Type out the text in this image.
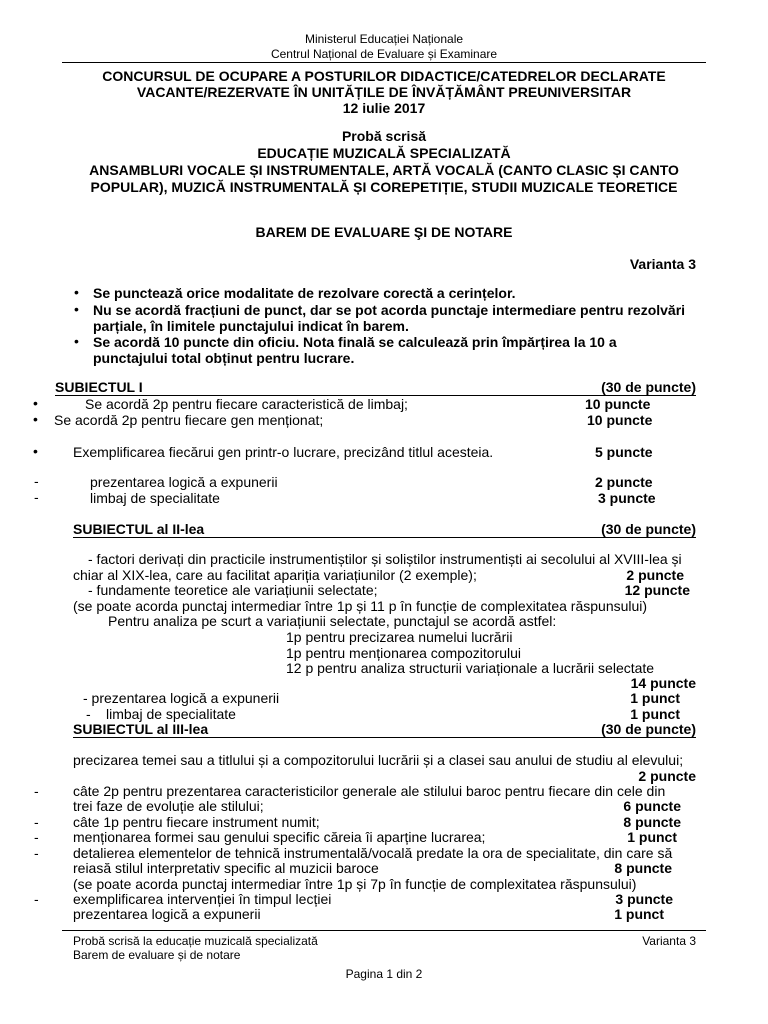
Ministerul Educației Naționale
Centrul Național de Evaluare și Examinare
CONCURSUL DE OCUPARE A POSTURILOR DIDACTICE/CATEDRELOR DECLARATE
VACANTE/REZERVATE ÎN UNITĂȚILE DE ÎNVĂȚĂMÂNT PREUNIVERSITAR
12 iulie 2017
Probă scrisă
EDUCAȚIE MUZICALĂ SPECIALIZATĂ
ANSAMBLURI VOCALE ȘI INSTRUMENTALE, ARTĂ VOCALĂ (CANTO CLASIC ȘI CANTO
POPULAR), MUZICĂ INSTRUMENTALĂ ȘI COREPETIȚIE, STUDII MUZICALE TEORETICE
BAREM DE EVALUARE ŞI DE NOTARE
Varianta 3
• Se punctează orice modalitate de rezolvare corectă a cerințelor.
• Nu se acordă fracțiuni de punct, dar se pot acorda punctaje intermediare pentru rezolvări
parțiale, în limitele punctajului indicat în barem.
• Se acordă 10 puncte din oficiu. Nota finală se calculează prin împărțirea la 10 a
punctajului total obținut pentru lucrare.
SUBIECTUL I	(30 de puncte)
•	Se acordă 2p pentru fiecare caracteristică de limbaj;	10 puncte
• Se acordă 2p pentru fiecare gen menționat;	10 puncte
•	Exemplificarea fiecărui gen printr-o lucrare, precizând titlul acesteia.	5 puncte
-	prezentarea logică a expunerii	2 puncte
-	limbaj de specialitate	3 puncte
SUBIECTUL al II-lea	(30 de puncte)
- factori derivați din practicile instrumentiștilor și soliștilor instrumentiști ai secolului al XVIII-lea și
chiar al XIX-lea, care au facilitat apariția variațiunilor (2 exemple);	2 puncte
- fundamente teoretice ale variațiunii selectate;	12 puncte
(se poate acorda punctaj intermediar între 1p și 11 p în funcție de complexitatea răspunsului)
Pentru analiza pe scurt a variațiunii selectate, punctajul se acordă astfel:
1p pentru precizarea numelui lucrării
1p pentru menționarea compozitorului
12 p pentru analiza structurii variaționale a lucrării selectate
14 puncte
- prezentarea logică a expunerii	1 punct
- limbaj de specialitate	1 punct
SUBIECTUL al III-lea	(30 de puncte)
precizarea temei sau a titlului și a compozitorului lucrării și a clasei sau anului de studiu al elevului;
2 puncte
- câte 2p pentru prezentarea caracteristicilor generale ale stilului baroc pentru fiecare din cele din
trei faze de evoluție ale stilului;	6 puncte
- câte 1p pentru fiecare instrument numit;	8 puncte
- menționarea formei sau genului specific căreia îi aparține lucrarea;	1 punct
- detalierea elementelor de tehnică instrumentală/vocală predate la ora de specialitate, din care să
reiasă stilul interpretativ specific al muzicii baroce	8 puncte
(se poate acorda punctaj intermediar între 1p și 7p în funcție de complexitatea răspunsului)
- exemplificarea intervenției în timpul lecției	3 puncte
prezentarea logică a expunerii	1 punct
Probă scrisă la educație muzicală specializată	Varianta 3
Barem de evaluare și de notare
Pagina 1 din 2
